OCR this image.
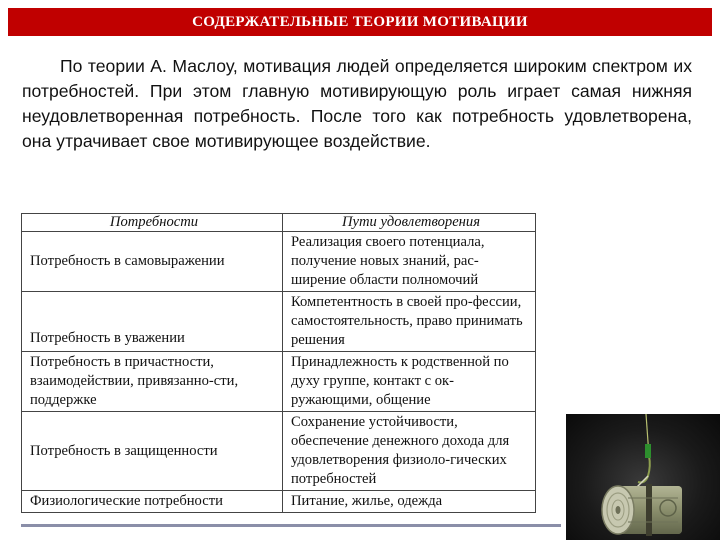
СОДЕРЖАТЕЛЬНЫЕ ТЕОРИИ МОТИВАЦИИ

По теории А. Маслоу, мотивация людей определяется широким спектром их потребностей. При этом главную мотивирующую роль играет самая нижняя неудовлетворенная потребность. После того как потребность удовлетворена, она утрачивает свое мотивирующее воздействие.

Потребности	Пути удовлетворения
Потребность в самовыражении	Реализация своего потенциала, получение новых знаний, рас-ширение области полномочий
Потребность в уважении	Компетентность в своей про-фессии, самостоятельность, право принимать решения
Потребность в причастности, взаимодействии, привязанно-сти, поддержке	Принадлежность к родственной по духу группе, контакт с ок-ружающими, общение
Потребность в защищенности	Сохранение устойчивости, обеспечение денежного дохода для удовлетворения физиоло-гических потребностей
Физиологические потребности	Питание, жилье, одежда
